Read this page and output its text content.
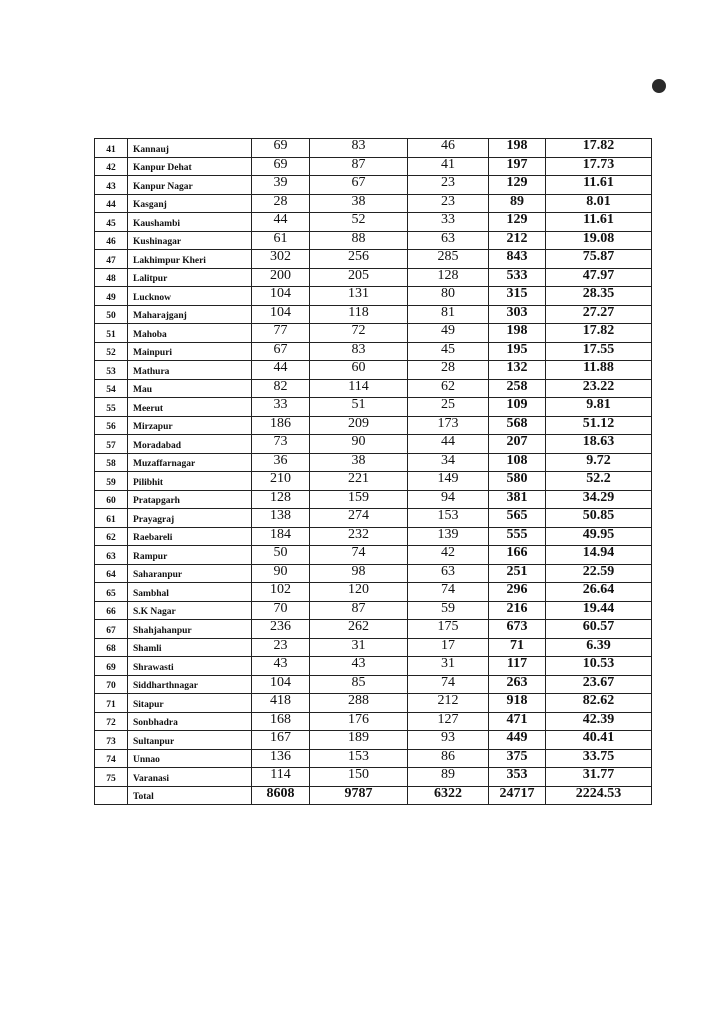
41	Kannauj	69	83	46	198	17.82
42	Kanpur Dehat	69	87	41	197	17.73
43	Kanpur Nagar	39	67	23	129	11.61
44	Kasganj	28	38	23	89	8.01
45	Kaushambi	44	52	33	129	11.61
46	Kushinagar	61	88	63	212	19.08
47	Lakhimpur Kheri	302	256	285	843	75.87
48	Lalitpur	200	205	128	533	47.97
49	Lucknow	104	131	80	315	28.35
50	Maharajganj	104	118	81	303	27.27
51	Mahoba	77	72	49	198	17.82
52	Mainpuri	67	83	45	195	17.55
53	Mathura	44	60	28	132	11.88
54	Mau	82	114	62	258	23.22
55	Meerut	33	51	25	109	9.81
56	Mirzapur	186	209	173	568	51.12
57	Moradabad	73	90	44	207	18.63
58	Muzaffarnagar	36	38	34	108	9.72
59	Pilibhit	210	221	149	580	52.2
60	Pratapgarh	128	159	94	381	34.29
61	Prayagraj	138	274	153	565	50.85
62	Raebareli	184	232	139	555	49.95
63	Rampur	50	74	42	166	14.94
64	Saharanpur	90	98	63	251	22.59
65	Sambhal	102	120	74	296	26.64
66	S.K Nagar	70	87	59	216	19.44
67	Shahjahanpur	236	262	175	673	60.57
68	Shamli	23	31	17	71	6.39
69	Shrawasti	43	43	31	117	10.53
70	Siddharthnagar	104	85	74	263	23.67
71	Sitapur	418	288	212	918	82.62
72	Sonbhadra	168	176	127	471	42.39
73	Sultanpur	167	189	93	449	40.41
74	Unnao	136	153	86	375	33.75
75	Varanasi	114	150	89	353	31.77
	Total	8608	9787	6322	24717	2224.53
